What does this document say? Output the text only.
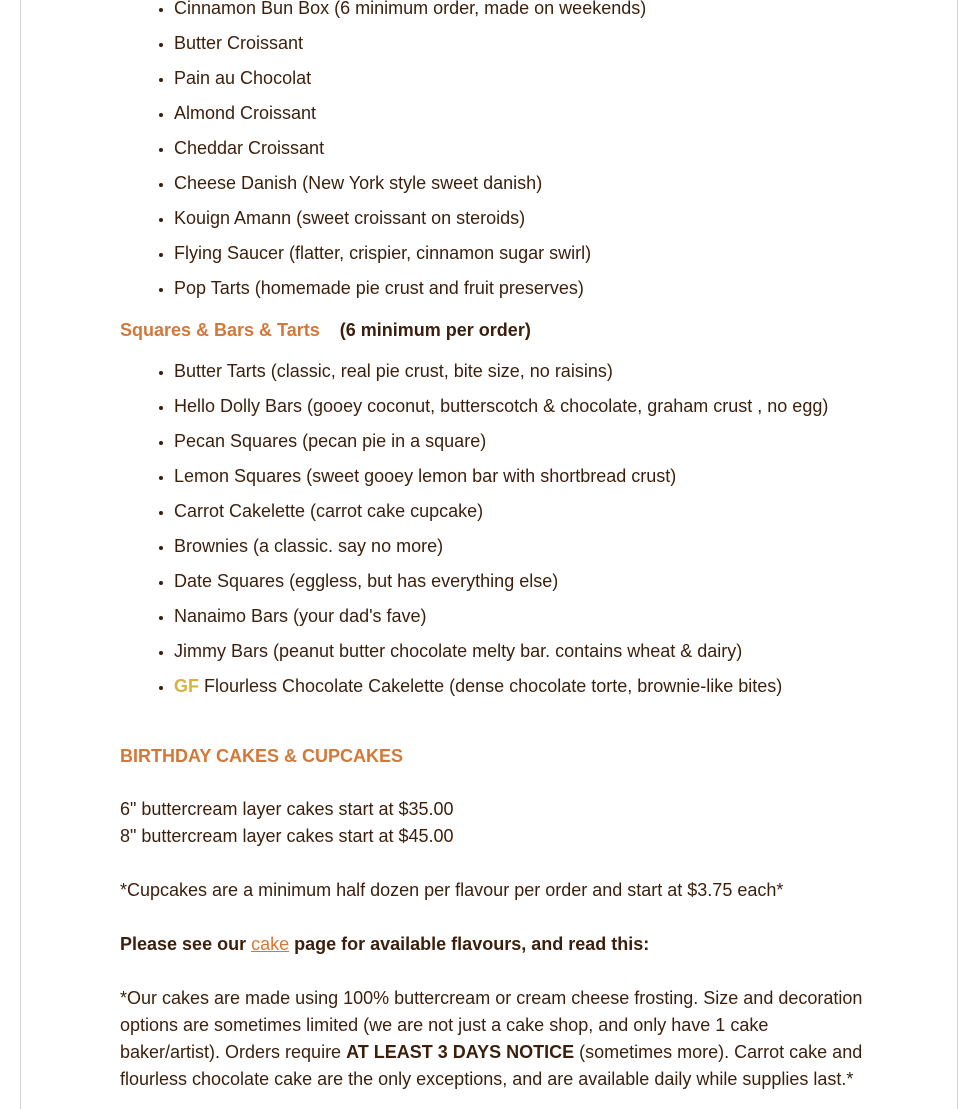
• Cinnamon Bun Box (6 minimum order, made on weekends)
• Butter Croissant
• Pain au Chocolat
• Almond Croissant
• Cheddar Croissant
• Cheese Danish (New York style sweet danish)
• Kouign Amann (sweet croissant on steroids)
• Flying Saucer (flatter, crispier, cinnamon sugar swirl)
• Pop Tarts (homemade pie crust and fruit preserves)
Squares & Bars & Tarts (6 minimum per order)
• Butter Tarts (classic, real pie crust, bite size, no raisins)
• Hello Dolly Bars (gooey coconut, butterscotch & chocolate, graham crust , no egg)
• Pecan Squares (pecan pie in a square)
• Lemon Squares (sweet gooey lemon bar with shortbread crust)
• Carrot Cakelette (carrot cake cupcake)
• Brownies (a classic. say no more)
• Date Squares (eggless, but has everything else)
• Nanaimo Bars (your dad's fave)
• Jimmy Bars (peanut butter chocolate melty bar. contains wheat & dairy)
• GF Flourless Chocolate Cakelette (dense chocolate torte, brownie-like bites)
BIRTHDAY CAKES & CUPCAKES
6" buttercream layer cakes start at $35.00
8" buttercream layer cakes start at $45.00
*Cupcakes are a minimum half dozen per flavour per order and start at $3.75 each*
Please see our cake page for available flavours, and read this:
*Our cakes are made using 100% buttercream or cream cheese frosting. Size and decoration options are sometimes limited (we are not just a cake shop, and only have 1 cake baker/artist). Orders require AT LEAST 3 DAYS NOTICE (sometimes more). Carrot cake and flourless chocolate cake are the only exceptions, and are available daily while supplies last.*
